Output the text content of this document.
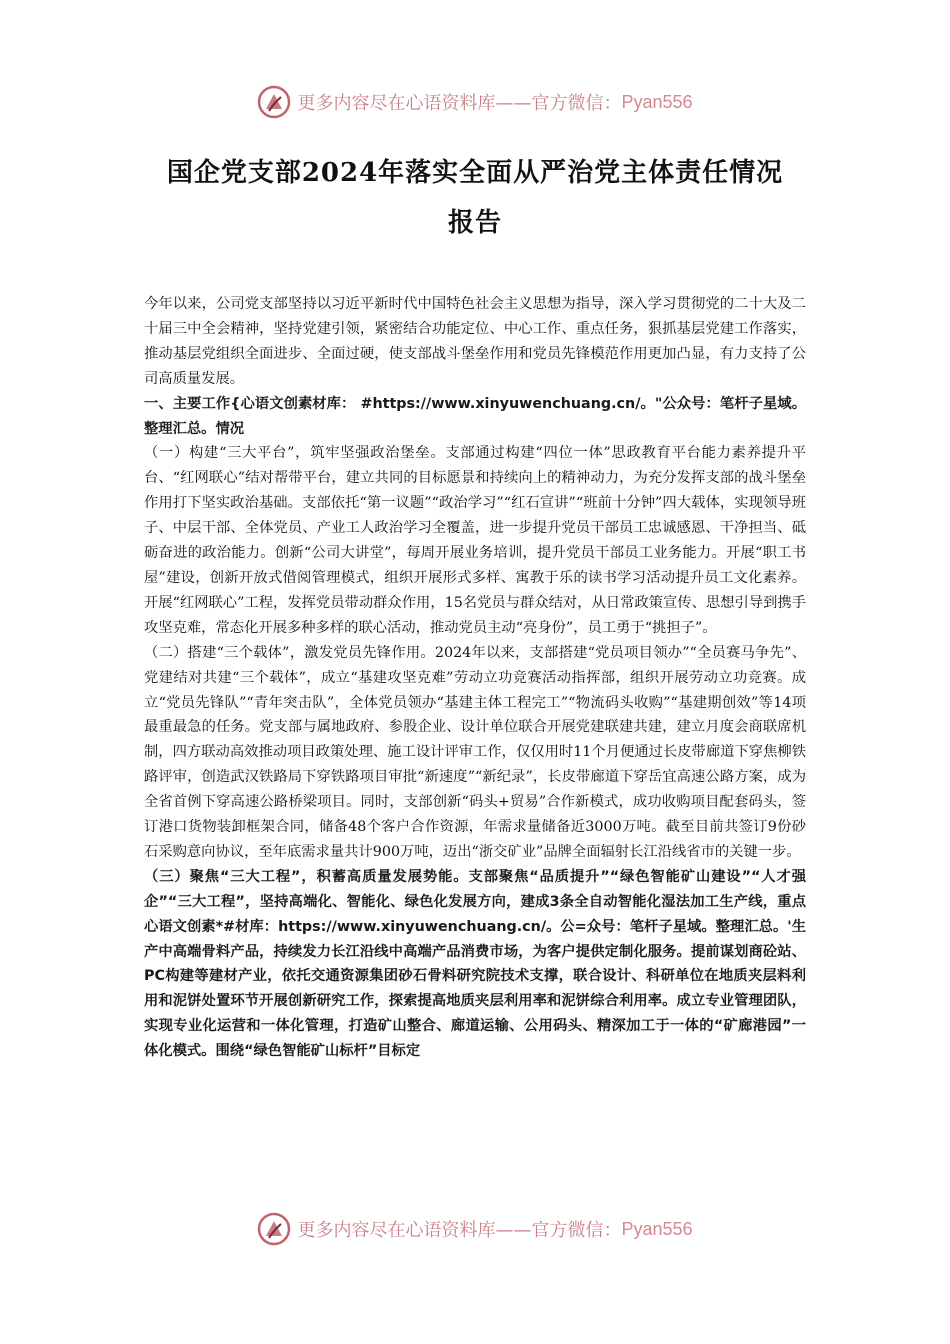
更多内容尽在心语资料库——官方微信： Pyan556
国企党支部2024年落实全面从严治党主体责任情况
报告

今年以来，公司党支部坚持以习近平新时代中国特色社会主义思想为指导，深入学习贯彻党的二十大及二十届三中全会精神，坚持党建引领，紧密结合功能定位、中心工作、重点任务，狠抓基层党建工作落实，推动基层党组织全面进步、全面过硬，使支部战斗堡垒作用和党员先锋模范作用更加凸显，有力支持了公司高质量发展。

一、主要工作{心语文创素材库： #https://www.xinyuwenchuang.cn/。"公众号：笔杆子星域。整理汇总。情况

（一）构建“三大平台”，筑牢坚强政治堡垒。支部通过构建“四位一体”思政教育平台能力素养提升平台、“红网联心”结对帮带平台，建立共同的目标愿景和持续向上的精神动力，为充分发挥支部的战斗堡垒作用打下坚实政治基础。支部依托“第一议题”“政治学习”“红石宣讲”“班前十分钟”四大载体，实现领导班子、中层干部、全体党员、产业工人政治学习全覆盖，进一步提升党员干部员工忠诚感恩、干净担当、砥砺奋进的政治能力。创新“公司大讲堂”，每周开展业务培训，提升党员干部员工业务能力。开展“职工书屋”建设，创新开放式借阅管理模式，组织开展形式多样、寓教于乐的读书学习活动提升员工文化素养。开展“红网联心”工程，发挥党员带动群众作用，15名党员与群众结对，从日常政策宣传、思想引导到携手攻坚克难，常态化开展多种多样的联心活动，推动党员主动“亮身份”，员工勇于“挑担子”。

（二）搭建“三个载体”，激发党员先锋作用。2024年以来，支部搭建“党员项目领办”“全员赛马争先”、党建结对共建“三个载体”，成立“基建攻坚克难”劳动立功竞赛活动指挥部，组织开展劳动立功竞赛。成立“党员先锋队”“青年突击队”，全体党员领办“基建主体工程完工”“物流码头收购”“基建期创效”等14项最重最急的任务。党支部与属地政府、参股企业、设计单位联合开展党建联建共建，建立月度会商联席机制，四方联动高效推动项目政策处理、施工设计评审工作，仅仅用时11个月便通过长皮带廊道下穿焦柳铁路评审，创造武汉铁路局下穿铁路项目审批“新速度”“新纪录”，长皮带廊道下穿岳宜高速公路方案，成为全省首例下穿高速公路桥梁项目。同时，支部创新“码头+贸易”合作新模式，成功收购项目配套码头，签订港口货物装卸框架合同，储备48个客户合作资源，年需求量储备近3000万吨。截至目前共签订9份砂石采购意向协议，至年底需求量共计900万吨，迈出“浙交矿业”品牌全面辐射长江沿线省市的关键一步。

（三）聚焦“三大工程”，积蓄高质量发展势能。支部聚焦“品质提升”“绿色智能矿山建设”“人才强企”“三大工程”，坚持高端化、智能化、绿色化发展方向，建成3条全自动智能化湿法加工生产线，重点心语文创素*#材库：https://www.xinyuwenchuang.cn/。公=众号：笔杆子星域。整理汇总。'生产中高端骨料产品，持续发力长江沿线中高端产品消费市场，为客户提供定制化服务。提前谋划商砼站、PC构建等建材产业，依托交通资源集团砂石骨料研究院技术支撑，联合设计、科研单位在地质夹层料利用和泥饼处置环节开展创新研究工作，探索提高地质夹层利用率和泥饼综合利用率。成立专业管理团队，实现专业化运营和一体化管理，打造矿山整合、廊道运输、公用码头、精深加工于一体的“矿廊港园”一体化模式。围绕“绿色智能矿山标杆”目标定

更多内容尽在心语资料库——官方微信： Pyan556
